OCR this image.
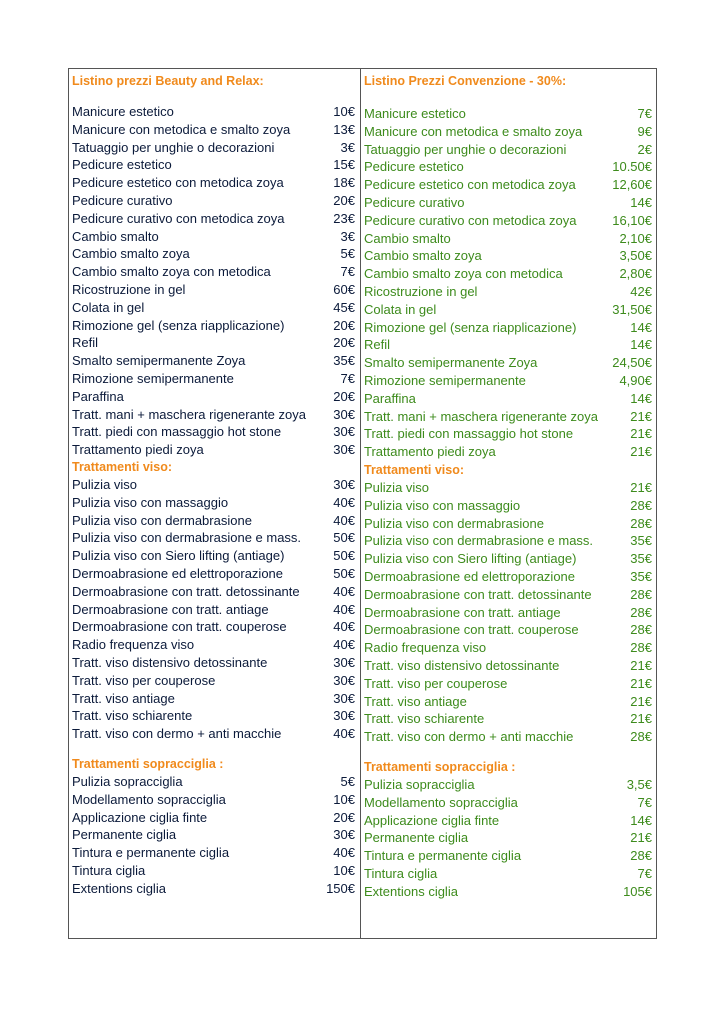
Listino prezzi Beauty and Relax:
Manicure estetico	10€
Manicure con metodica e smalto zoya	13€
Tatuaggio per unghie o decorazioni	3€
Pedicure estetico	15€
Pedicure estetico con metodica zoya	18€
Pedicure curativo	20€
Pedicure curativo con metodica zoya	23€
Cambio smalto	3€
Cambio smalto zoya	5€
Cambio smalto zoya con metodica	7€
Ricostruzione in gel	60€
Colata in gel	45€
Rimozione gel (senza riapplicazione)	20€
Refil	20€
Smalto semipermanente Zoya	35€
Rimozione semipermanente	7€
Paraffina	20€
Tratt. mani + maschera rigenerante zoya 30€
Tratt. piedi con massaggio hot stone	30€
Trattamento piedi zoya	30€
Trattamenti viso:
Pulizia viso	30€
Pulizia viso con massaggio	40€
Pulizia viso con dermabrasione	40€
Pulizia viso con dermabrasione e mass. 50€
Pulizia viso con Siero lifting (antiage)	50€
Dermoabrasione ed elettroporazione	50€
Dermoabrasione con tratt. detossinante	40€
Dermoabrasione con tratt. antiage	40€
Dermoabrasione con tratt. couperose	40€
Radio frequenza viso	40€
Tratt. viso distensivo detossinante	30€
Tratt. viso per couperose	30€
Tratt. viso antiage	30€
Tratt. viso schiarente	30€
Tratt. viso con dermo + anti macchie	40€
Trattamenti sopracciglia :
Pulizia sopracciglia	5€
Modellamento sopracciglia	10€
Applicazione ciglia finte	20€
Permanente ciglia	30€
Tintura e permanente ciglia	40€
Tintura ciglia	10€
Extentions ciglia	150€
Listino Prezzi Convenzione - 30%:
Manicure estetico	7€
Manicure con metodica e smalto zoya	9€
Tatuaggio per unghie o decorazioni	2€
Pedicure estetico	10.50€
Pedicure estetico con metodica zoya	12,60€
Pedicure curativo	14€
Pedicure curativo con metodica zoya	16,10€
Cambio smalto	2,10€
Cambio smalto zoya	3,50€
Cambio smalto zoya con metodica	2,80€
Ricostruzione in gel	42€
Colata in gel	31,50€
Rimozione gel (senza riapplicazione)	14€
Refil	14€
Smalto semipermanente Zoya	24,50€
Rimozione semipermanente	4,90€
Paraffina	14€
Tratt. mani + maschera rigenerante zoya 21€
Tratt. piedi con massaggio hot stone	21€
Trattamento piedi zoya	21€
Trattamenti viso:
Pulizia viso	21€
Pulizia viso con massaggio	28€
Pulizia viso con dermabrasione	28€
Pulizia viso con dermabrasione e mass.	35€
Pulizia viso con Siero lifting (antiage)	35€
Dermoabrasione ed elettroporazione	35€
Dermoabrasione con tratt. detossinante	28€
Dermoabrasione con tratt. antiage	28€
Dermoabrasione con tratt. couperose	28€
Radio frequenza viso	28€
Tratt. viso distensivo detossinante	21€
Tratt. viso per couperose	21€
Tratt. viso antiage	21€
Tratt. viso schiarente	21€
Tratt. viso con dermo + anti macchie	28€
Trattamenti sopracciglia :
Pulizia sopracciglia	3,5€
Modellamento sopracciglia	7€
Applicazione ciglia finte	14€
Permanente ciglia	21€
Tintura e permanente ciglia	28€
Tintura ciglia	7€
Extentions ciglia	105€
